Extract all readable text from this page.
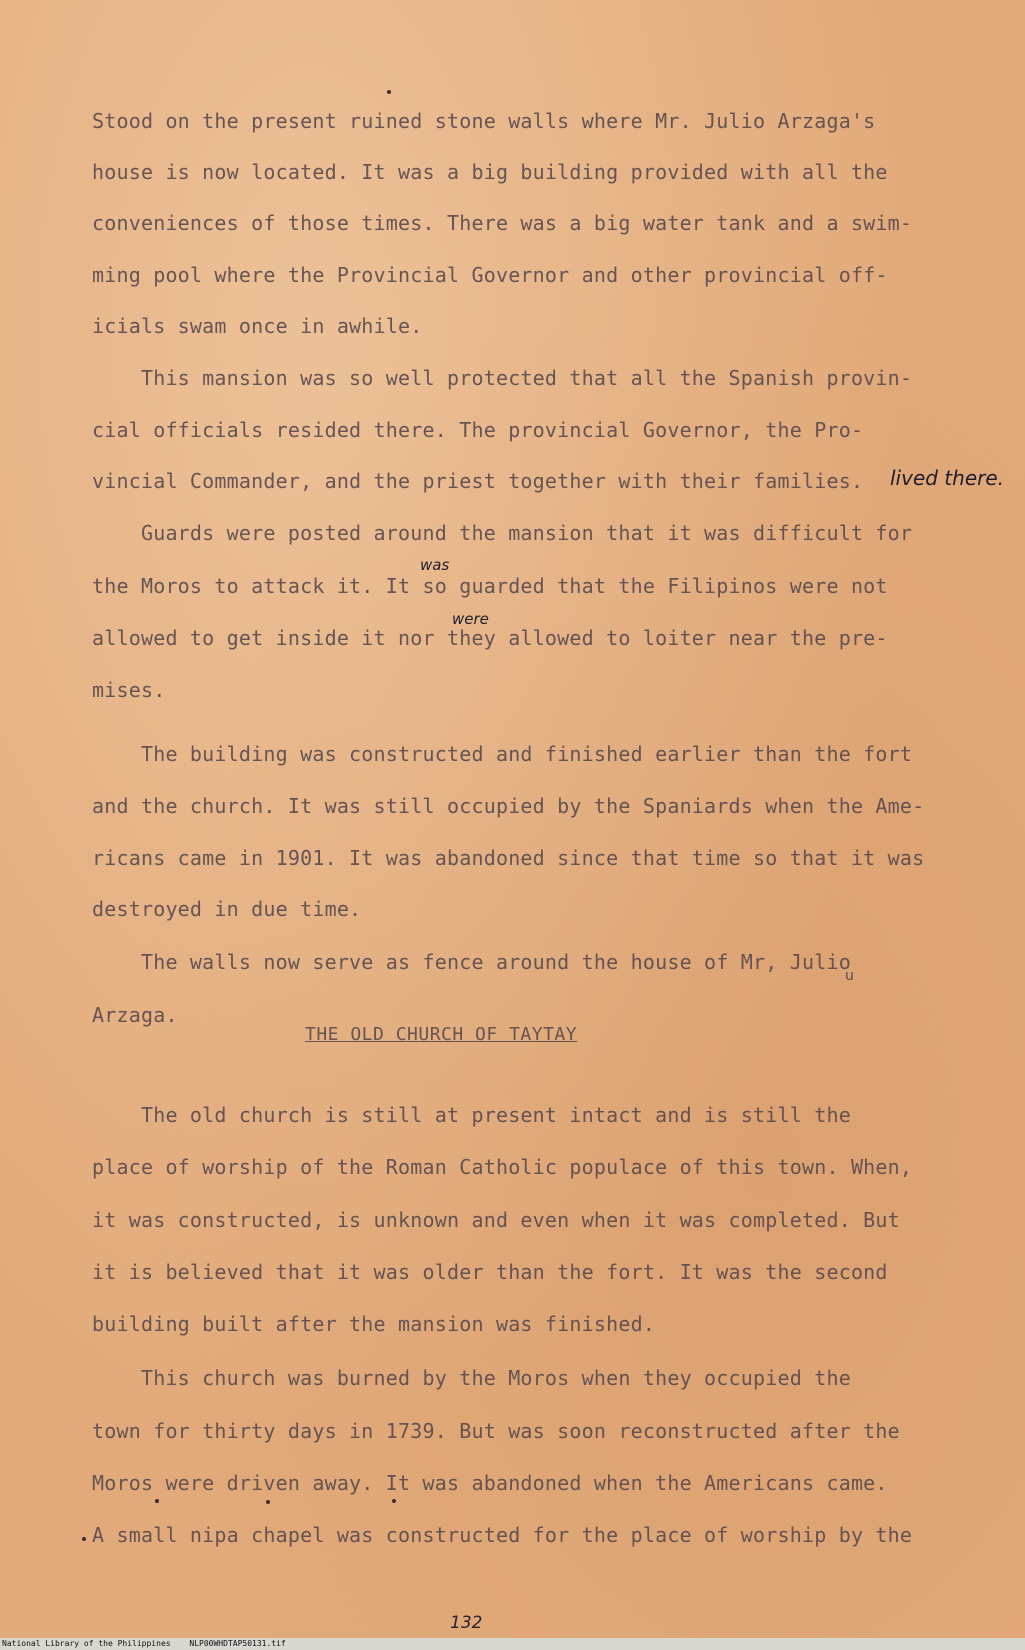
Stood on the present ruined stone walls where Mr. Julio Arzaga's
house is now located. It was a big building provided with all the
conveniences of those times. There was a big water tank and a swim-
ming pool where the Provincial Governor and other provincial off-
icials swam once in awhile.
This mansion was so well protected that all the Spanish provin-
cial officials resided there. The provincial Governor, the Pro-
vincial Commander, and the priest together with their families.	lived there.
Guards were posted around the mansion that it was difficult for
was
the Moros to attack it. It so guarded that the Filipinos were not
were
allowed to get inside it nor they allowed to loiter near the pre-
mises.
The building was constructed and finished earlier than the fort
and the church. It was still occupied by the Spaniards when the Ame-
ricans came in 1901. It was abandoned since that time so that it was
destroyed in due time.
The walls now serve as fence around the house of Mr, Julio
u
Arzaga.
THE OLD CHURCH OF TAYTAY
The old church is still at present intact and is still the
place of worship of the Roman Catholic populace of this town. When,
it was constructed, is unknown and even when it was completed. But
it is believed that it was older than the fort. It was the second
building built after the mansion was finished.
This church was burned by the Moros when they occupied the
town for thirty days in 1739. But was soon reconstructed after the
Moros were driven away. It was abandoned when the Americans came.
A small nipa chapel was constructed for the place of worship by the
132
National Library of the Philippines NLP00WHDTAP50131.tif
